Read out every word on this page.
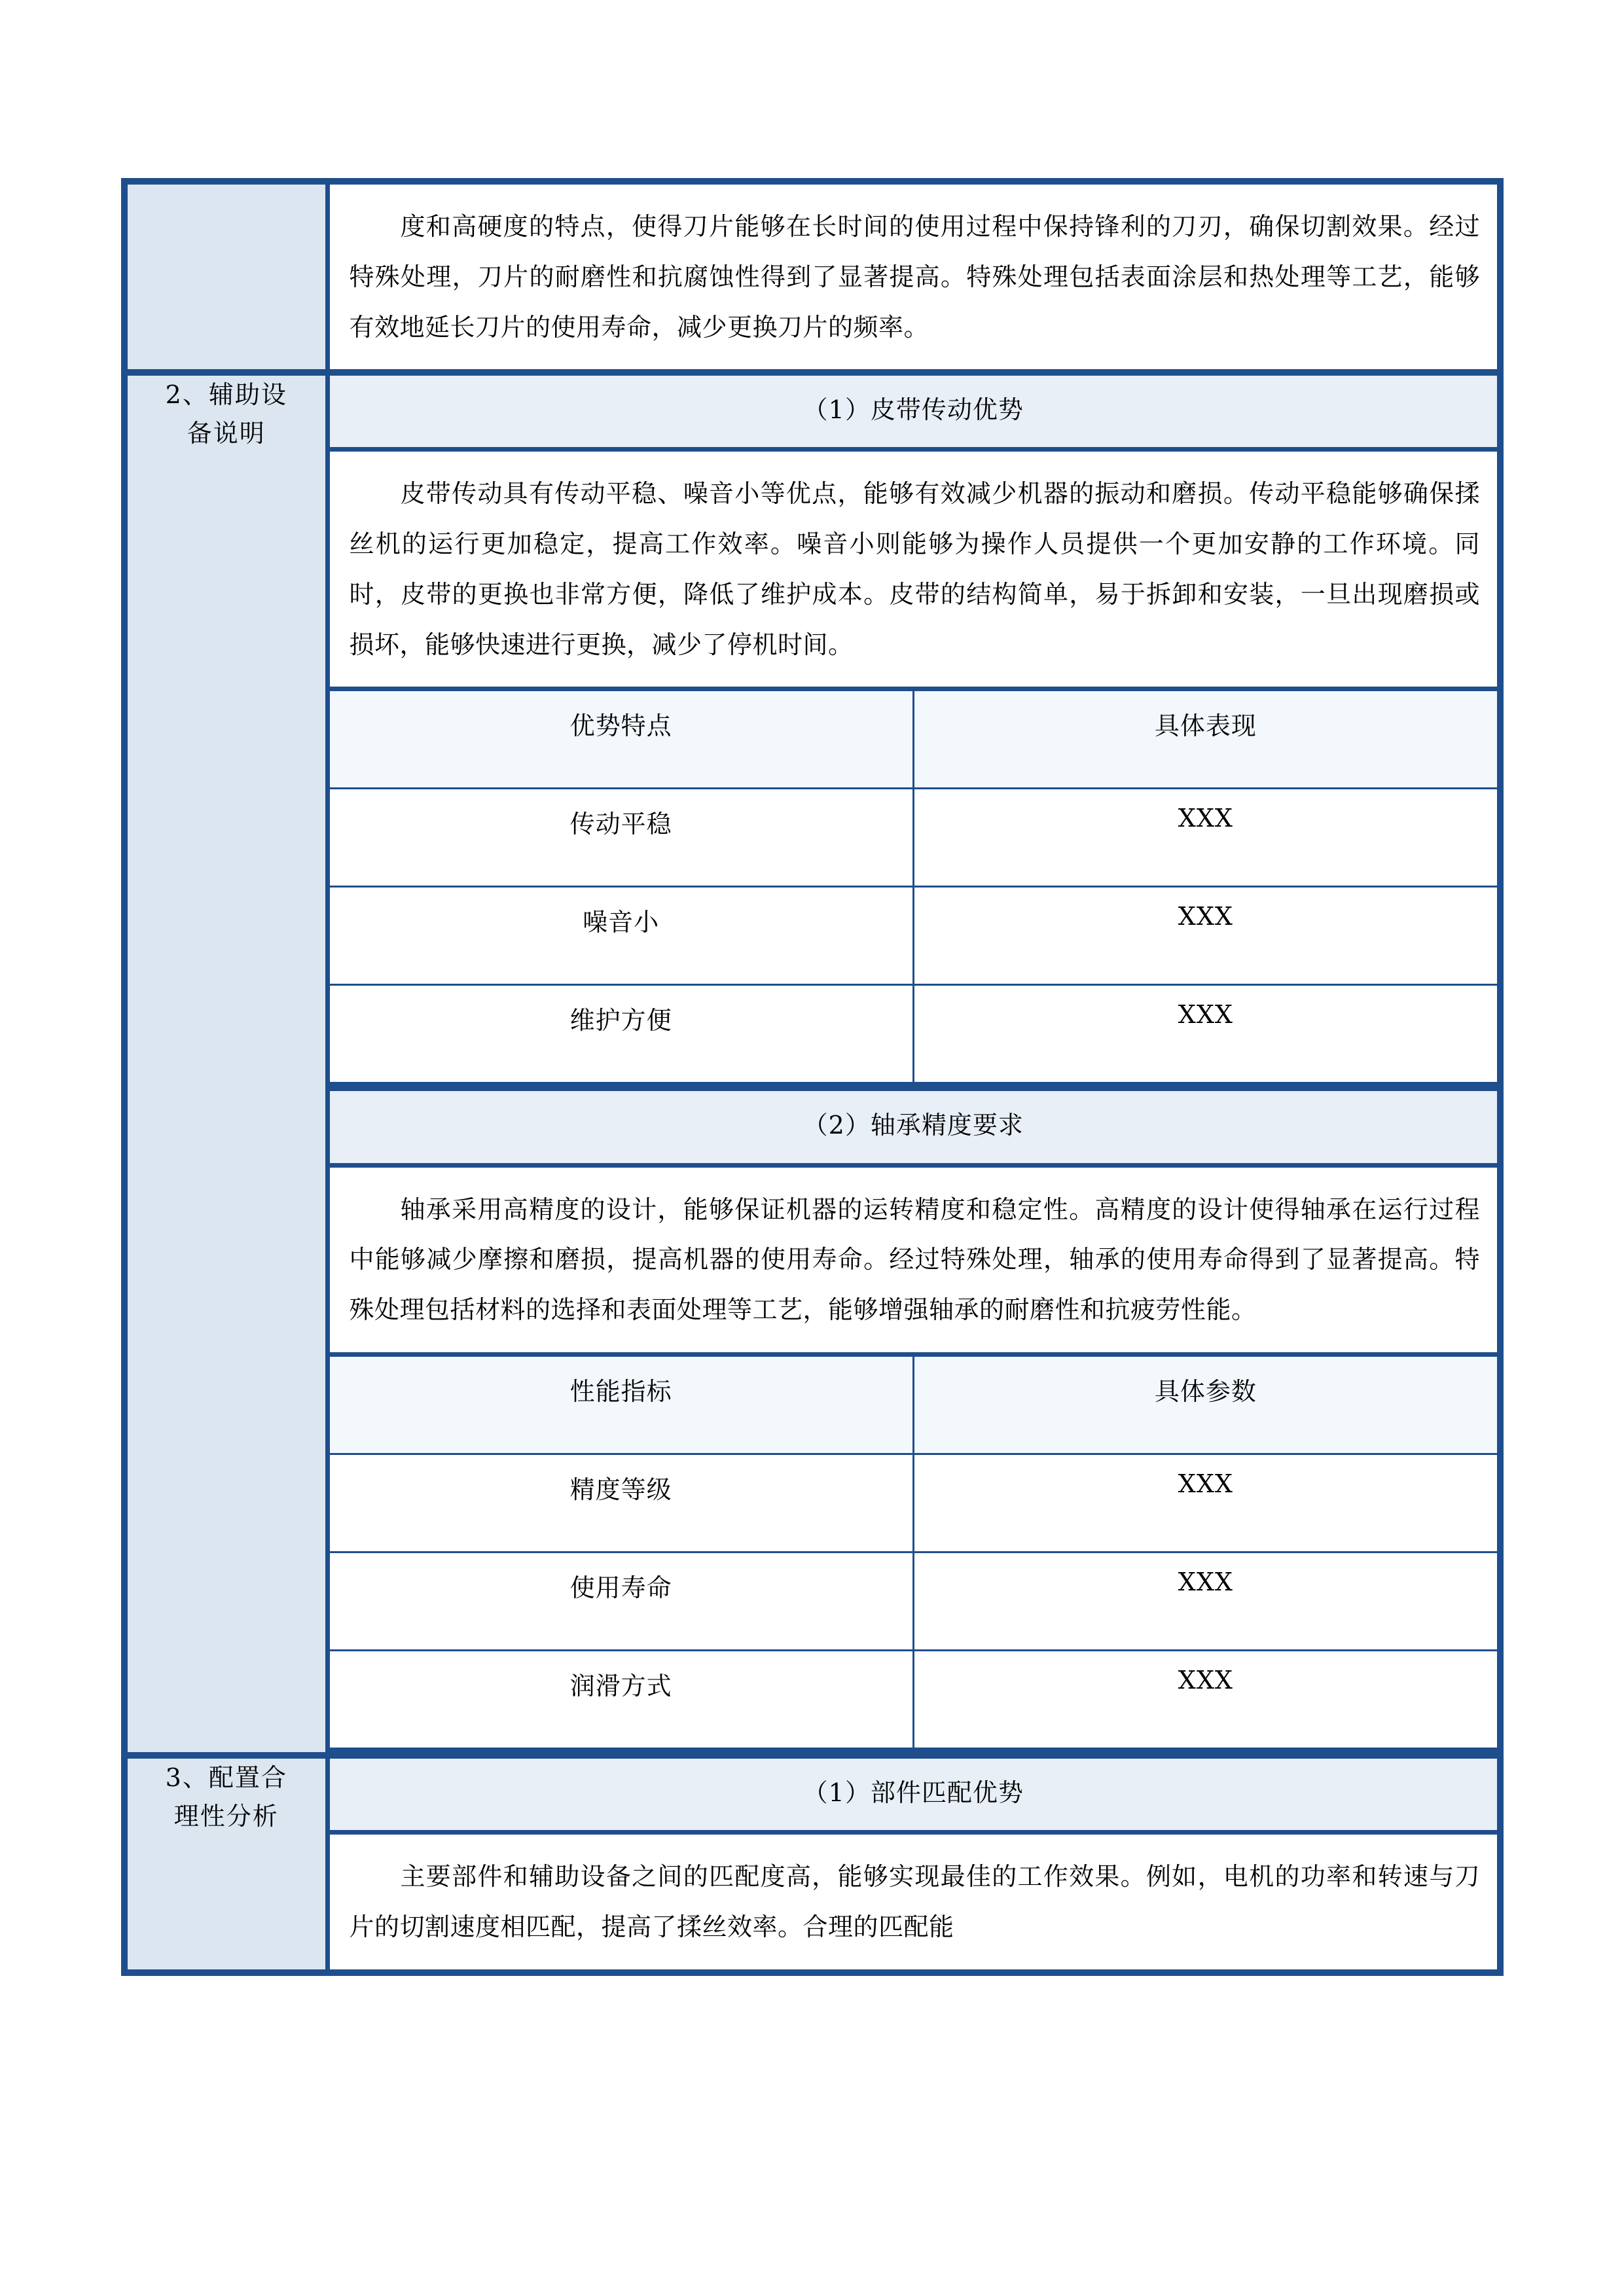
度和高硬度的特点，使得刀片能够在长时间的使用过程中保持锋利的刀刃，确保切割效果。经过特殊处理，刀片的耐磨性和抗腐蚀性得到了显著提高。特殊处理包括表面涂层和热处理等工艺，能够有效地延长刀片的使用寿命，减少更换刀片的频率。

2、辅助设
备说明

（1）皮带传动优势

皮带传动具有传动平稳、噪音小等优点，能够有效减少机器的振动和磨损。传动平稳能够确保揉丝机的运行更加稳定，提高工作效率。噪音小则能够为操作人员提供一个更加安静的工作环境。同时，皮带的更换也非常方便，降低了维护成本。皮带的结构简单，易于拆卸和安装，一旦出现磨损或损坏，能够快速进行更换，减少了停机时间。

优势特点	具体表现
传动平稳	XXX
噪音小	XXX
维护方便	XXX
（2）轴承精度要求

轴承采用高精度的设计，能够保证机器的运转精度和稳定性。高精度的设计使得轴承在运行过程中能够减少摩擦和磨损，提高机器的使用寿命。经过特殊处理，轴承的使用寿命得到了显著提高。特殊处理包括材料的选择和表面处理等工艺，能够增强轴承的耐磨性和抗疲劳性能。

性能指标	具体参数
精度等级	XXX
使用寿命	XXX
润滑方式	XXX

3、配置合
理性分析

（1）部件匹配优势

主要部件和辅助设备之间的匹配度高，能够实现最佳的工作效果。例如，电机的功率和转速与刀片的切割速度相匹配，提高了揉丝效率。合理的匹配能
